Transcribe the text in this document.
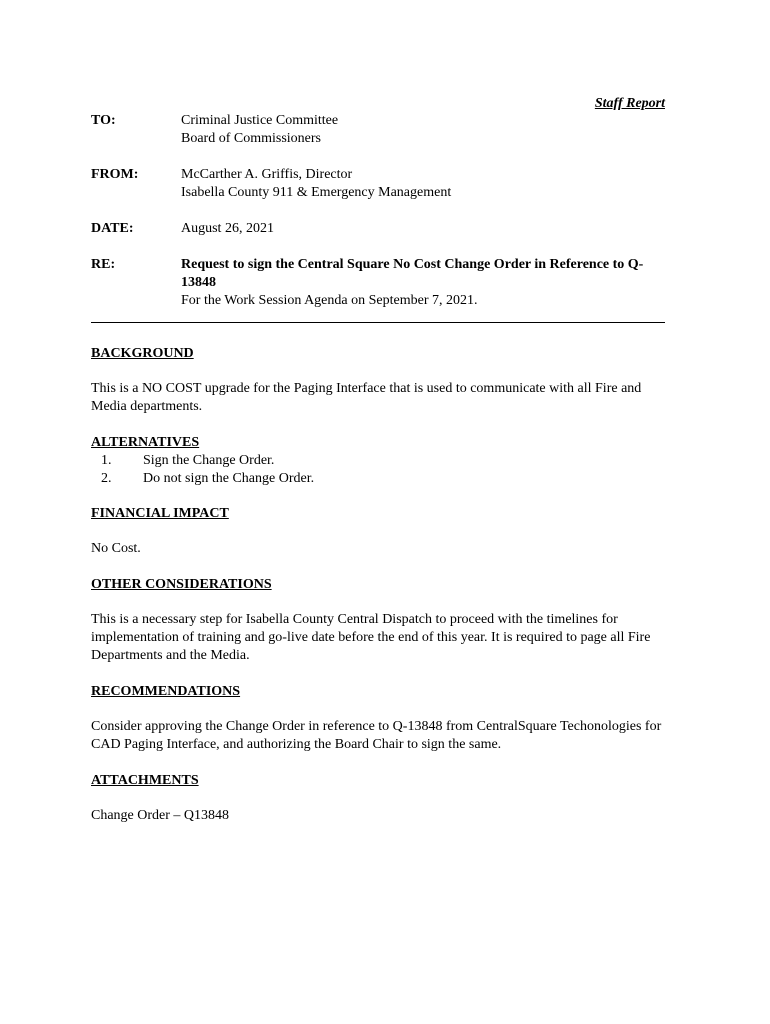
Staff Report
TO:	Criminal Justice Committee
Board of Commissioners
FROM:	McCarther A. Griffis, Director
Isabella County 911 & Emergency Management
DATE:	August 26, 2021
RE:	Request to sign the Central Square No Cost Change Order in Reference to Q-13848
For the Work Session Agenda on September 7, 2021.
BACKGROUND
This is a NO COST upgrade for the Paging Interface that is used to communicate with all Fire and Media departments.
ALTERNATIVES
1. Sign the Change Order.
2. Do not sign the Change Order.
FINANCIAL IMPACT
No Cost.
OTHER CONSIDERATIONS
This is a necessary step for Isabella County Central Dispatch to proceed with the timelines for implementation of training and go-live date before the end of this year. It is required to page all Fire Departments and the Media.
RECOMMENDATIONS
Consider approving the Change Order in reference to Q-13848 from CentralSquare Techonologies for CAD Paging Interface, and authorizing the Board Chair to sign the same.
ATTACHMENTS
Change Order – Q13848
